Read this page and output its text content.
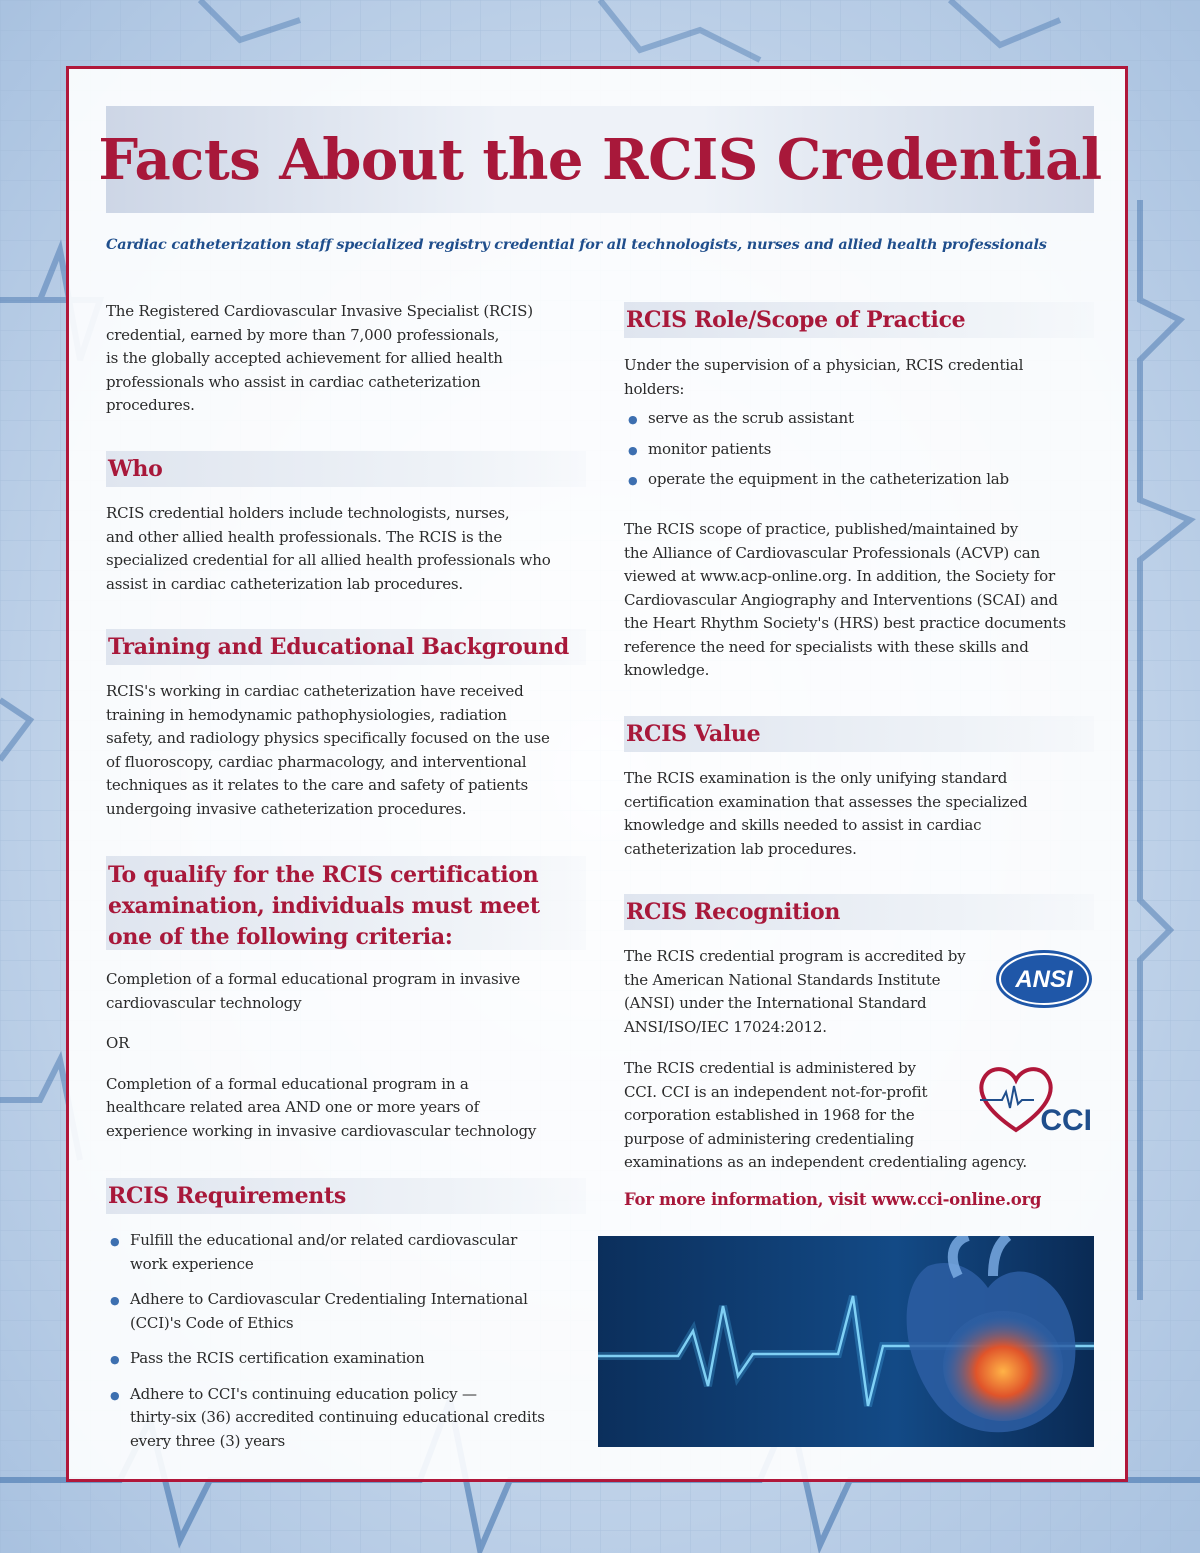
Facts About the RCIS Credential
Cardiac catheterization staff specialized registry credential for all technologists, nurses and allied health professionals

The Registered Cardiovascular Invasive Specialist (RCIS)

credential, earned by more than 7,000 professionals,

is the globally accepted achievement for allied health

professionals who assist in cardiac catheterization

procedures.

Who

RCIS credential holders include technologists, nurses,

and other allied health professionals. The RCIS is the

specialized credential for all allied health professionals who

assist in cardiac catheterization lab procedures.

Training and Educational Background

RCIS's working in cardiac catheterization have received

training in hemodynamic pathophysiologies, radiation

safety, and radiology physics specifically focused on the use

of fluoroscopy, cardiac pharmacology, and interventional

techniques as it relates to the care and safety of patients

undergoing invasive catheterization procedures.

To qualify for the RCIS certification examination, individuals must meet one of the following criteria:

Completion of a formal educational program in invasive

cardiovascular technology

OR

Completion of a formal educational program in a

healthcare related area AND one or more years of

experience working in invasive cardiovascular technology

RCIS Requirements
● Fulfill the educational and/or related cardiovascular
work experience
● Adhere to Cardiovascular Credentialing International
(CCI)'s Code of Ethics
● Pass the RCIS certification examination
● Adhere to CCI's continuing education policy —
thirty-six (36) accredited continuing educational credits
every three (3) years
RCIS Role/Scope of Practice

Under the supervision of a physician, RCIS credential

holders:

● serve as the scrub assistant
● monitor patients
● operate the equipment in the catheterization lab

The RCIS scope of practice, published/maintained by

the Alliance of Cardiovascular Professionals (ACVP) can

viewed at www.acp-online.org. In addition, the Society for

Cardiovascular Angiography and Interventions (SCAI) and

the Heart Rhythm Society's (HRS) best practice documents

reference the need for specialists with these skills and

knowledge.

RCIS Value

The RCIS examination is the only unifying standard

certification examination that assesses the specialized

knowledge and skills needed to assist in cardiac

catheterization lab procedures.

RCIS Recognition

The RCIS credential program is accredited by

the American National Standards Institute

(ANSI) under the International Standard

ANSI/ISO/IEC 17024:2012.

The RCIS credential is administered by

CCI. CCI is an independent not-for-profit

corporation established in 1968 for the

purpose of administering credentialing

examinations as an independent credentialing agency.

ANSI
CCI
For more information, visit www.cci-online.org
